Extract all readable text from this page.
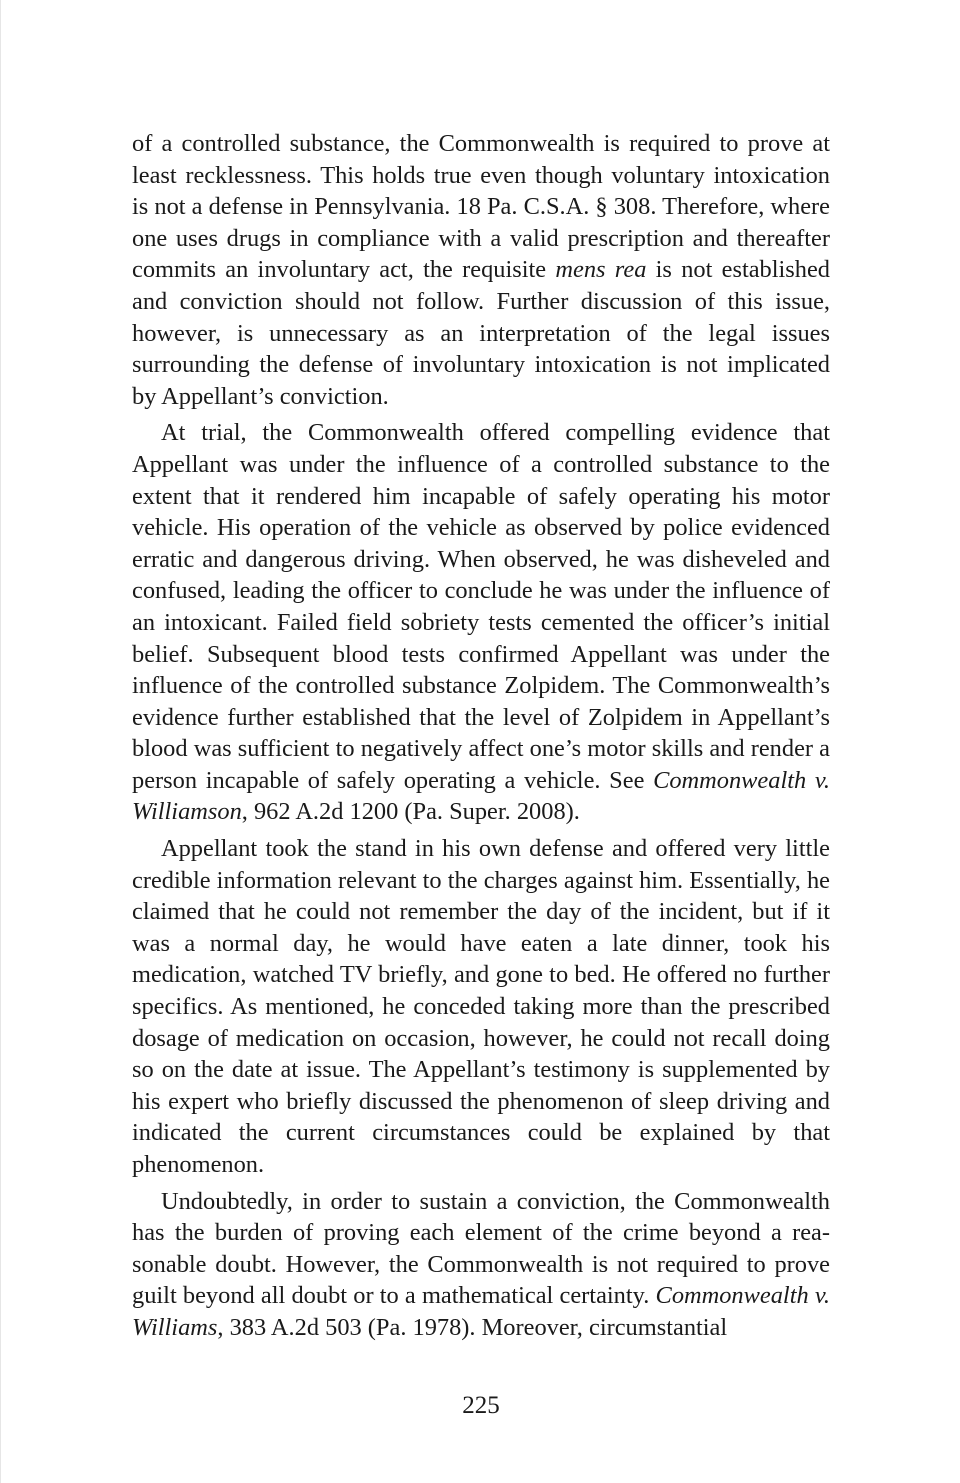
of a controlled substance, the Commonwealth is required to prove at least recklessness. This holds true even though voluntary intoxication is not a defense in Pennsylvania. 18 Pa. C.S.A. § 308. Therefore, where one uses drugs in compliance with a valid prescription and thereafter commits an involuntary act, the requisite mens rea is not established and conviction should not follow. Further discussion of this issue, however, is unnecessary as an interpretation of the legal issues surrounding the defense of involuntary intoxication is not implicated by Appellant’s conviction.

At trial, the Commonwealth offered compelling evidence that Appellant was under the influence of a controlled substance to the extent that it rendered him incapable of safely operating his motor vehicle. His operation of the vehicle as observed by police evidenced erratic and dangerous driving. When observed, he was disheveled and confused, leading the officer to conclude he was under the influence of an intoxicant. Failed field sobriety tests cemented the officer’s initial belief. Subsequent blood tests confirmed Appellant was under the influence of the controlled substance Zolpidem. The Commonwealth’s evidence further established that the level of Zolpidem in Appellant’s blood was sufficient to negatively affect one’s motor skills and render a person incapable of safely operating a vehicle. See Commonwealth v. Williamson, 962 A.2d 1200 (Pa. Super. 2008).

Appellant took the stand in his own defense and offered very little credible information relevant to the charges against him. Essentially, he claimed that he could not remember the day of the incident, but if it was a normal day, he would have eaten a late dinner, took his medication, watched TV briefly, and gone to bed. He offered no further specifics. As mentioned, he conceded taking more than the prescribed dosage of medication on occasion, however, he could not recall doing so on the date at issue. The Appellant’s testimony is supplemented by his expert who briefly discussed the phenomenon of sleep driving and indicated the current circumstances could be explained by that phenomenon.

Undoubtedly, in order to sustain a conviction, the Commonwealth has the burden of proving each element of the crime beyond a reasonable doubt. However, the Commonwealth is not required to prove guilt beyond all doubt or to a mathematical certainty. Commonwealth v. Williams, 383 A.2d 503 (Pa. 1978). Moreover, circumstantial

225
